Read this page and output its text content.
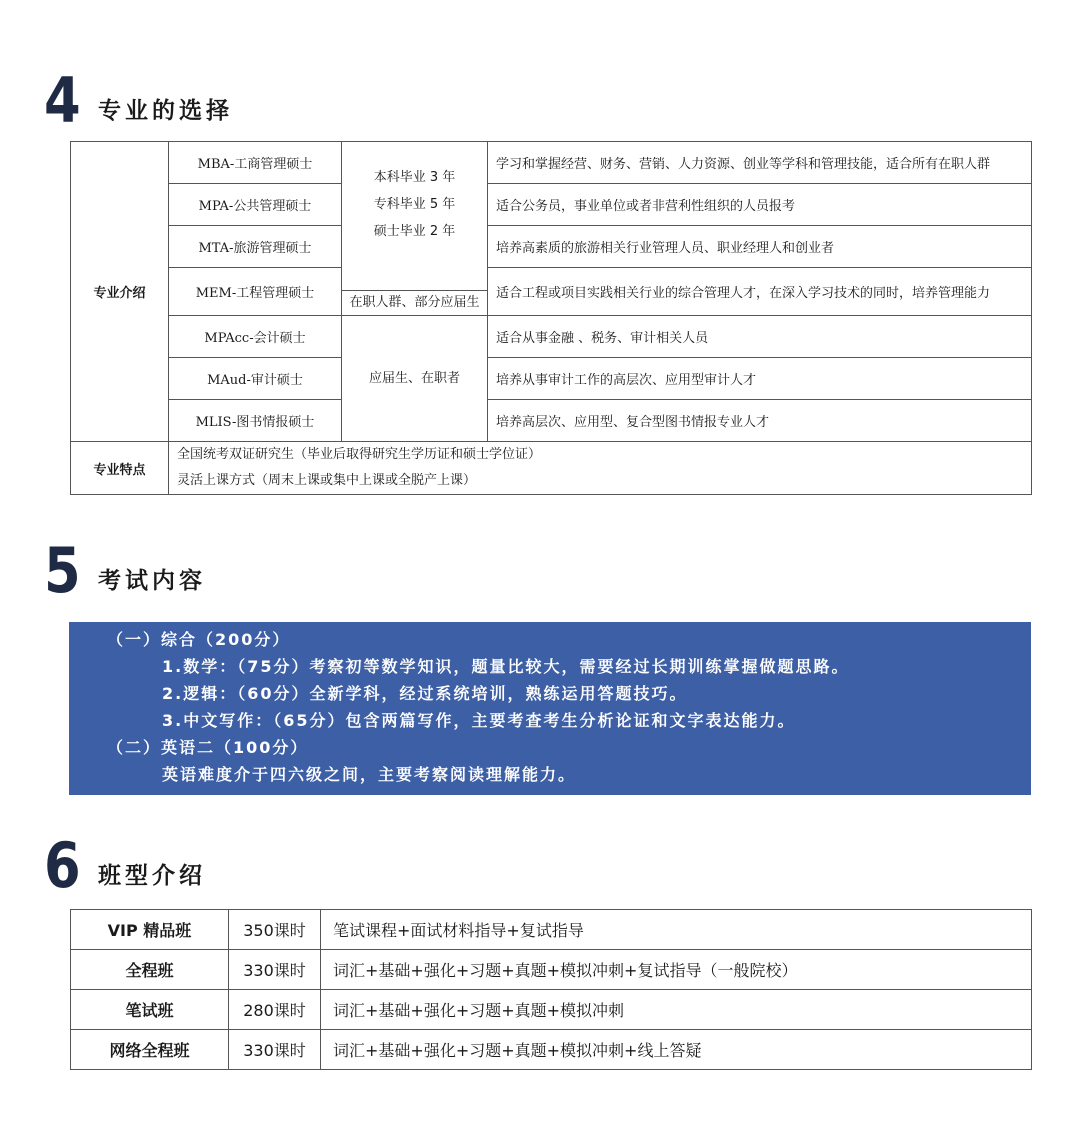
4 专业的选择
专业介绍	MBA-工商管理硕士	本科毕业 3 年
专科毕业 5 年
硕士毕业 2 年	学习和掌握经营、财务、营销、人力资源、创业等学科和管理技能，适合所有在职人群
	MPA-公共管理硕士		适合公务员，事业单位或者非营利性组织的人员报考
	MTA-旅游管理硕士		培养高素质的旅游相关行业管理人员、职业经理人和创业者
	MEM-工程管理硕士	在职人群、部分应届生	适合工程或项目实践相关行业的综合管理人才，在深入学习技术的同时，培养管理能力
	MPAcc-会计硕士	应届生、在职者	适合从事金融 、税务、审计相关人员
	MAud-审计硕士		培养从事审计工作的高层次、应用型审计人才
	MLIS-图书情报硕士		培养高层次、应用型、复合型图书情报专业人才
专业特点	全国统考双证研究生（毕业后取得研究生学历证和硕士学位证）
灵活上课方式（周末上课或集中上课或全脱产上课）		
5 考试内容
（一）综合（200分）
1.数学：（75分）考察初等数学知识，题量比较大，需要经过长期训练掌握做题思路。
2.逻辑：（60分）全新学科，经过系统培训，熟练运用答题技巧。
3.中文写作：（65分）包含两篇写作，主要考查考生分析论证和文字表达能力。
（二）英语二（100分）
英语难度介于四六级之间，主要考察阅读理解能力。
6 班型介绍
VIP 精品班	350课时	笔试课程+面试材料指导+复试指导
全程班	330课时	词汇+基础+强化+习题+真题+模拟冲刺+复试指导（一般院校）
笔试班	280课时	词汇+基础+强化+习题+真题+模拟冲刺
网络全程班	330课时	词汇+基础+强化+习题+真题+模拟冲刺+线上答疑
